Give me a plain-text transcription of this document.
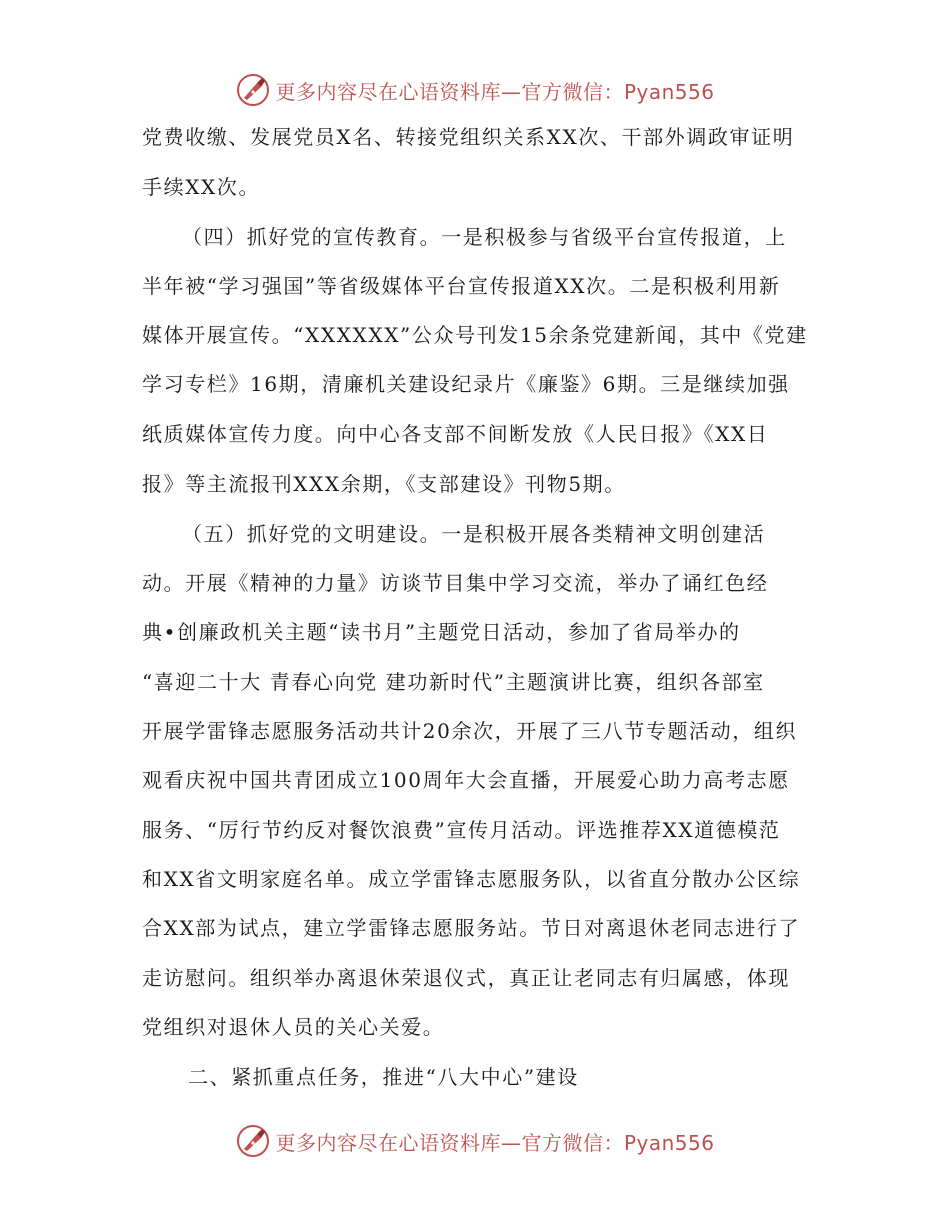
更多内容尽在心语资料库—官方微信：Pyan556
党费收缴、发展党员X名、转接党组织关系XX次、干部外调政审证明
手续XX次。
（四）抓好党的宣传教育。一是积极参与省级平台宣传报道，上
半年被“学习强国”等省级媒体平台宣传报道XX次。二是积极利用新
媒体开展宣传。“XXXXXX”公众号刊发15余条党建新闻，其中《党建
学习专栏》16期，清廉机关建设纪录片《廉鉴》6期。三是继续加强
纸质媒体宣传力度。向中心各支部不间断发放《人民日报》《XX日
报》等主流报刊XXX余期，《支部建设》刊物5期。
（五）抓好党的文明建设。一是积极开展各类精神文明创建活
动。开展《精神的力量》访谈节目集中学习交流，举办了诵红色经
典•创廉政机关主题“读书月”主题党日活动，参加了省局举办的
“喜迎二十大 青春心向党 建功新时代”主题演讲比赛，组织各部室
开展学雷锋志愿服务活动共计20余次，开展了三八节专题活动，组织
观看庆祝中国共青团成立100周年大会直播，开展爱心助力高考志愿
服务、“厉行节约反对餐饮浪费”宣传月活动。评选推荐XX道德模范
和XX省文明家庭名单。成立学雷锋志愿服务队，以省直分散办公区综
合XX部为试点，建立学雷锋志愿服务站。节日对离退休老同志进行了
走访慰问。组织举办离退休荣退仪式，真正让老同志有归属感，体现
党组织对退休人员的关心关爱。
二、紧抓重点任务，推进“八大中心”建设
更多内容尽在心语资料库—官方微信：Pyan556
